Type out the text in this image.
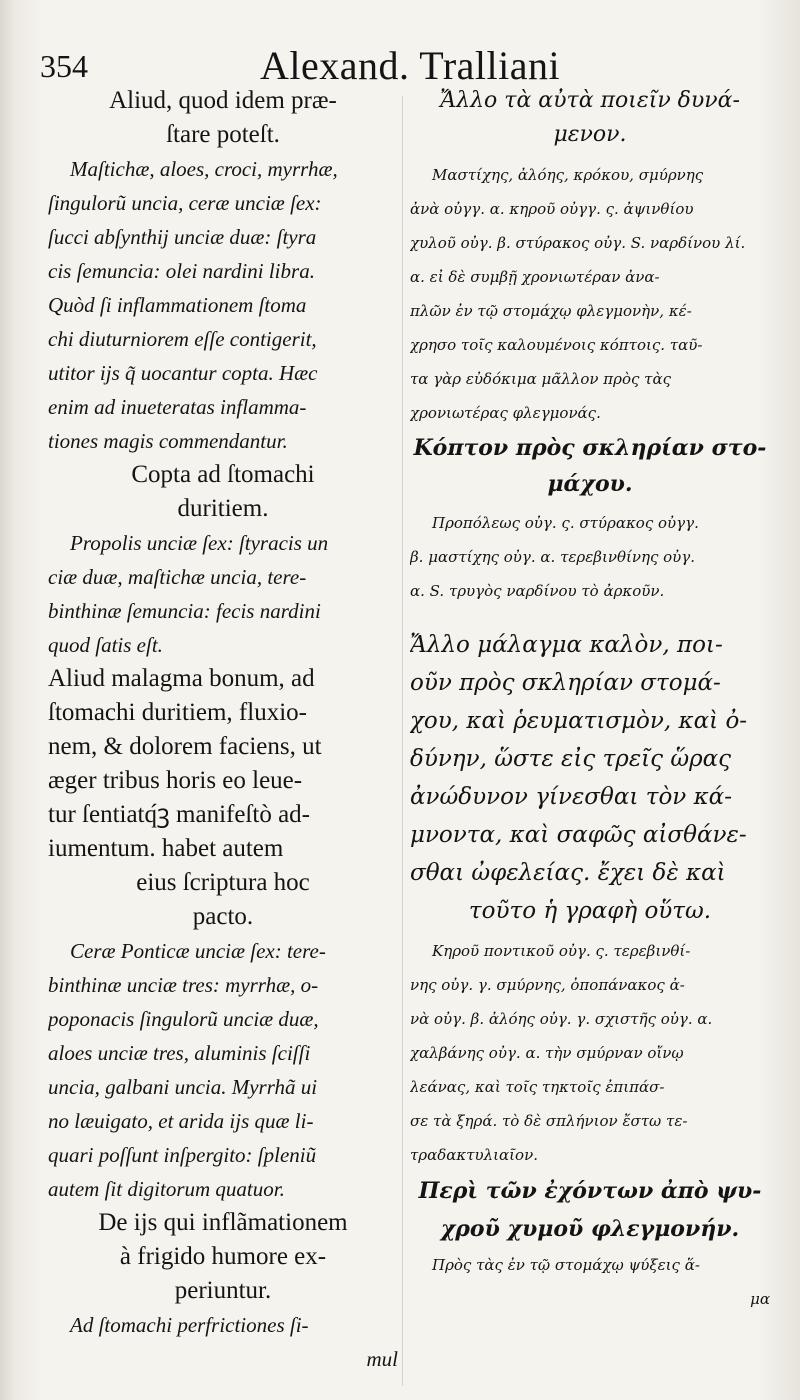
354	Alexand. Tralliani
Aliud, quod idem præ-
ſtare poteſt.
Maſtichæ, aloes, croci, myrrhæ,
ſingulorũ uncia, ceræ unciæ ſex:
ſucci abſynthij unciæ duæ: ſtyra
cis ſemuncia: olei nardini libra.
Quòd ſi inflammationem ſtoma
chi diuturniorem eſſe contigerit,
utitor ijs q̃ uocantur copta. Hæc
enim ad inueteratas inflamma-
tiones magis commendantur.
Copta ad ſtomachi
duritiem.
Propolis unciæ ſex: ſtyracis un
ciæ duæ, maſtichæ uncia, tere-
binthinæ ſemuncia: fecis nardini
quod ſatis eſt.
Aliud malagma bonum, ad
ſtomachi duritiem, fluxio-
nem, & dolorem faciens, ut
æger tribus horis eo leue-
tur ſentiatq́ꝫ manifeſtò ad-
iumentum. habet autem
eius ſcriptura hoc
pacto.
Ceræ Ponticæ unciæ ſex: tere-
binthinæ unciæ tres: myrrhæ, o-
poponacis ſingulorũ unciæ duæ,
aloes unciæ tres, aluminis ſciſſi
uncia, galbani uncia. Myrrhã ui
no læuigato, et arida ijs quæ li-
quari poſſunt inſpergito: ſpleniũ
autem ſit digitorum quatuor.
De ijs qui inflãmationem
à frigido humore ex-
periuntur.
Ad ſtomachi perfrictiones ſi-
mul
Ἄλλο τὰ αὐτὰ ποιεῖν δυνά-
μενον.
Μαστίχης, ἀλόης, κρόκου, σμύρνης
ἀνὰ οὐγγ. α. κηροῦ οὐγγ. ς. ἀψινθίου
χυλοῦ οὐγ. β. στύρακος οὐγ. S. ναρδίνου λί.
α. εἰ δὲ συμβῇ χρονιωτέραν ἀνα-
πλῶν ἐν τῷ στομάχῳ φλεγμονὴν, κέ-
χρησο τοῖς καλουμένοις κόπτοις. ταῦ-
τα γὰρ εὐδόκιμα μᾶλλον πρὸς τὰς
χρονιωτέρας φλεγμονάς.
Κόπτον πρὸς σκληρίαν στο-
μάχου.
Προπόλεως οὐγ. ς. στύρακος οὐγγ.
β. μαστίχης οὐγ. α. τερεβινθίνης οὐγ.
α. S. τρυγὸς ναρδίνου τὸ ἀρκοῦν.
Ἄλλο μάλαγμα καλὸν, ποι-
οῦν πρὸς σκληρίαν στομά-
χου, καὶ ῥευματισμὸν, καὶ ὀ-
δύνην, ὥστε εἰς τρεῖς ὥρας
ἀνώδυνον γίνεσθαι τὸν κά-
μνοντα, καὶ σαφῶς αἰσθάνε-
σθαι ὠφελείας. ἔχει δὲ καὶ
τοῦτο ἡ γραφὴ οὕτω.
Κηροῦ ποντικοῦ οὐγ. ς. τερεβινθί-
νης οὐγ. γ. σμύρνης, ὀποπάνακος ἀ-
νὰ οὐγ. β. ἀλόης οὐγ. γ. σχιστῆς οὐγ. α.
χαλβάνης οὐγ. α. τὴν σμύρναν οἴνῳ
λεάνας, καὶ τοῖς τηκτοῖς ἐπιπάσ-
σε τὰ ξηρά. τὸ δὲ σπλήνιον ἔστω τε-
τραδακτυλιαῖον.
Περὶ τῶν ἐχόντων ἀπὸ ψυ-
χροῦ χυμοῦ φλεγμονήν.
Πρὸς τὰς ἐν τῷ στομάχῳ ψύξεις ἅ-
μα
